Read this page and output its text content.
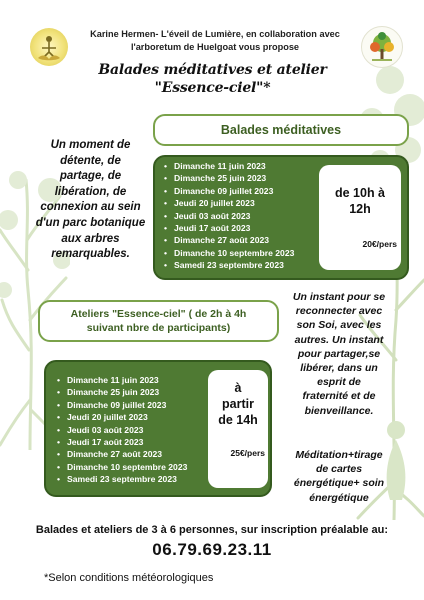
Karine Hermen- L'éveil de Lumière, en collaboration avec
l'arboretum de Huelgoat vous propose
Balades méditatives et atelier
"Essence-ciel"*
Balades méditatives
Un moment de
détente, de
partage, de
libération, de
connexion au sein
d'un parc botanique
aux arbres
remarquables.
• Dimanche 11 juin 2023
• Dimanche 25 juin 2023
• Dimanche 09 juillet 2023
• Jeudi 20 juillet 2023
• Jeudi 03 août 2023
• Jeudi 17 août 2023
• Dimanche 27 août 2023
• Dimanche 10 septembre 2023
• Samedi 23 septembre 2023
de 10h à
12h
20€/pers
Ateliers "Essence-ciel" ( de 2h à 4h
suivant nbre de participants)
Un instant pour se
reconnecter avec
son Soi, avec les
autres. Un instant
pour partager,se
libérer, dans un
esprit de
fraternité et de
bienveillance.
Méditation+tirage
de cartes
énergétique+ soin
énergétique
• Dimanche 11 juin 2023
• Dimanche 25 juin 2023
• Dimanche 09 juillet 2023
• Jeudi 20 juillet 2023
• Jeudi 03 août 2023
• Jeudi 17 août 2023
• Dimanche 27 août 2023
• Dimanche 10 septembre 2023
• Samedi 23 septembre 2023
à
partir
de 14h
25€/pers
Balades et ateliers de 3 à 6 personnes, sur inscription préalable au:
06.79.69.23.11
*Selon conditions météorologiques
